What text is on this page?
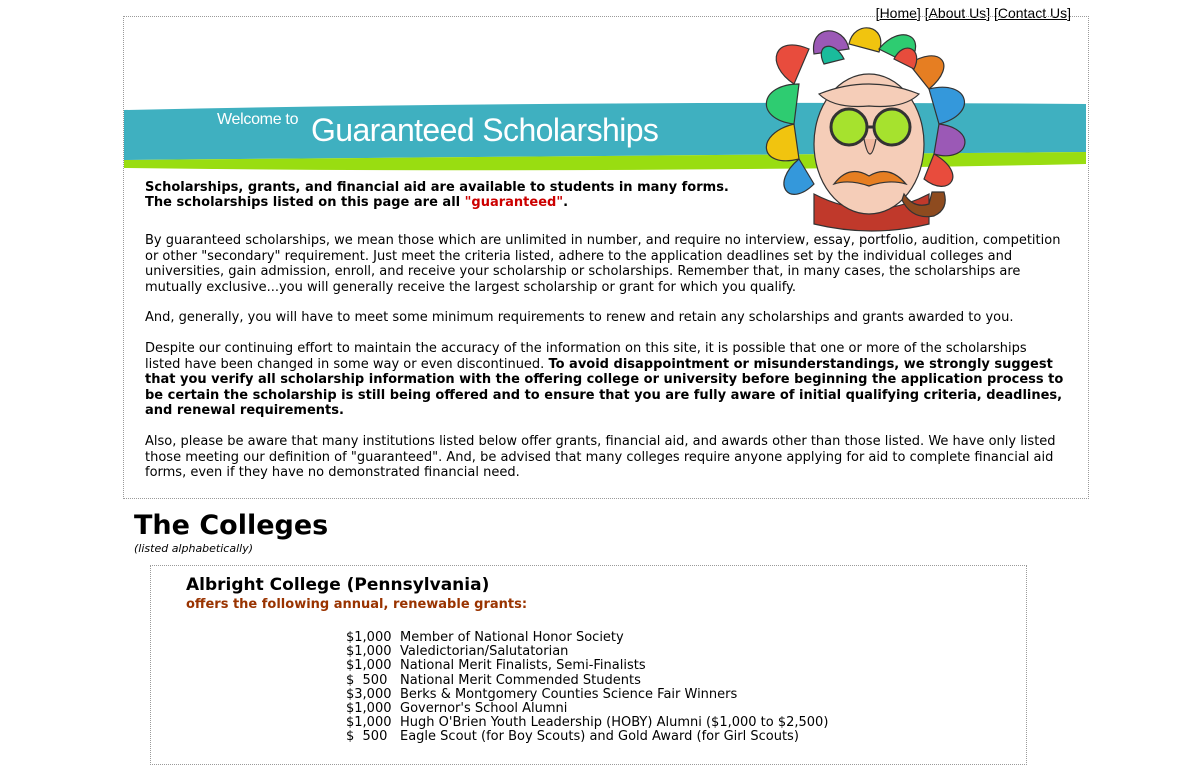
[Home] [About Us] [Contact Us]
Welcome to Guaranteed Scholarships
Scholarships, grants, and financial aid are available to students in many forms.
The scholarships listed on this page are all "guaranteed".

By guaranteed scholarships, we mean those which are unlimited in number, and require no interview, essay, portfolio, audition, competition or other "secondary" requirement. Just meet the criteria listed, adhere to the application deadlines set by the individual colleges and universities, gain admission, enroll, and receive your scholarship or scholarships. Remember that, in many cases, the scholarships are mutually exclusive...you will generally receive the largest scholarship or grant for which you qualify.

And, generally, you will have to meet some minimum requirements to renew and retain any scholarships and grants awarded to you.

Despite our continuing effort to maintain the accuracy of the information on this site, it is possible that one or more of the scholarships listed have been changed in some way or even discontinued. To avoid disappointment or misunderstandings, we strongly suggest that you verify all scholarship information with the offering college or university before beginning the application process to be certain the scholarship is still being offered and to ensure that you are fully aware of initial qualifying criteria, deadlines, and renewal requirements.

Also, please be aware that many institutions listed below offer grants, financial aid, and awards other than those listed. We have only listed those meeting our definition of "guaranteed". And, be advised that many colleges require anyone applying for aid to complete financial aid forms, even if they have no demonstrated financial need.

The Colleges
(listed alphabetically)
Albright College (Pennsylvania)
offers the following annual, renewable grants:
$1,000 Member of National Honor Society
$1,000 Valedictorian/Salutatorian
$1,000 National Merit Finalists, Semi-Finalists
$  500 National Merit Commended Students
$3,000 Berks & Montgomery Counties Science Fair Winners
$1,000 Governor's School Alumni
$1,000 Hugh O'Brien Youth Leadership (HOBY) Alumni ($1,000 to $2,500)
$  500 Eagle Scout (for Boy Scouts) and Gold Award (for Girl Scouts)
